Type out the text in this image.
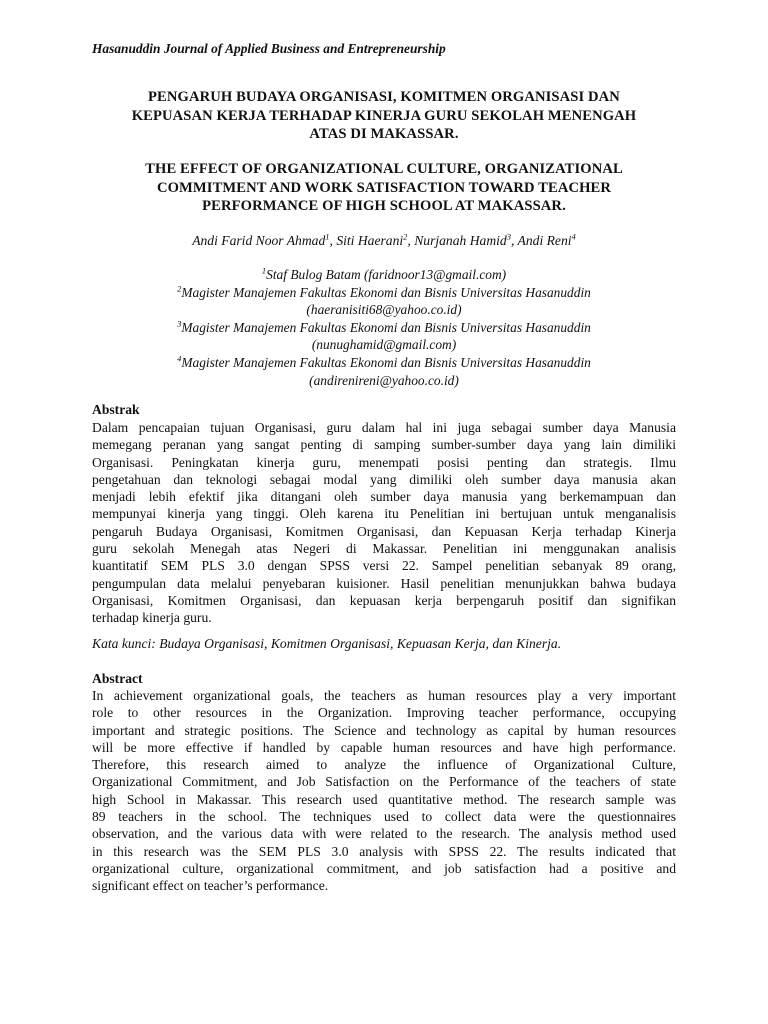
Hasanuddin Journal of Applied Business and Entrepreneurship
PENGARUH BUDAYA ORGANISASI, KOMITMEN ORGANISASI DAN
KEPUASAN KERJA TERHADAP KINERJA GURU SEKOLAH MENENGAH
ATAS DI MAKASSAR.
THE EFFECT OF ORGANIZATIONAL CULTURE, ORGANIZATIONAL
COMMITMENT AND WORK SATISFACTION TOWARD TEACHER
PERFORMANCE OF HIGH SCHOOL AT MAKASSAR.
Andi Farid Noor Ahmad$^1$, Siti Haerani$^2$, Nurjanah Hamid$^3$, Andi Reni$^4$
$^1$Staf Bulog Batam (faridnoor13@gmail.com)
$^2$Magister Manajemen Fakultas Ekonomi dan Bisnis Universitas Hasanuddin
(haeranisiti68@yahoo.co.id)
$^3$Magister Manajemen Fakultas Ekonomi dan Bisnis Universitas Hasanuddin
(nunughamid@gmail.com)
$^4$Magister Manajemen Fakultas Ekonomi dan Bisnis Universitas Hasanuddin
(andirenireni@yahoo.co.id)
Abstrak
Dalam pencapaian tujuan Organisasi, guru dalam hal ini juga sebagai sumber daya Manusia
memegang peranan yang sangat penting di samping sumber-sumber daya yang lain dimiliki
Organisasi. Peningkatan kinerja guru, menempati posisi penting dan strategis. Ilmu
pengetahuan dan teknologi sebagai modal yang dimiliki oleh sumber daya manusia akan
menjadi lebih efektif jika ditangani oleh sumber daya manusia yang berkemampuan dan
mempunyai kinerja yang tinggi. Oleh karena itu Penelitian ini bertujuan untuk menganalisis
pengaruh Budaya Organisasi, Komitmen Organisasi, dan Kepuasan Kerja terhadap Kinerja
guru sekolah Menegah atas Negeri di Makassar. Penelitian ini menggunakan analisis
kuantitatif SEM PLS 3.0 dengan SPSS versi 22. Sampel penelitian sebanyak 89 orang,
pengumpulan data melalui penyebaran kuisioner. Hasil penelitian menunjukkan bahwa budaya
Organisasi, Komitmen Organisasi, dan kepuasan kerja berpengaruh positif dan signifikan
terhadap kinerja guru.
Kata kunci: Budaya Organisasi, Komitmen Organisasi, Kepuasan Kerja, dan Kinerja.
Abstract
In achievement organizational goals, the teachers as human resources play a very important
role to other resources in the Organization. Improving teacher performance, occupying
important and strategic positions. The Science and technology as capital by human resources
will be more effective if handled by capable human resources and have high performance.
Therefore, this research aimed to analyze the influence of Organizational Culture,
Organizational Commitment, and Job Satisfaction on the Performance of the teachers of state
high School in Makassar. This research used quantitative method. The research sample was
89 teachers in the school. The techniques used to collect data were the questionnaires
observation, and the various data with were related to the research. The analysis method used
in this research was the SEM PLS 3.0 analysis with SPSS 22. The results indicated that
organizational culture, organizational commitment, and job satisfaction had a positive and
significant effect on teacher’s performance.
